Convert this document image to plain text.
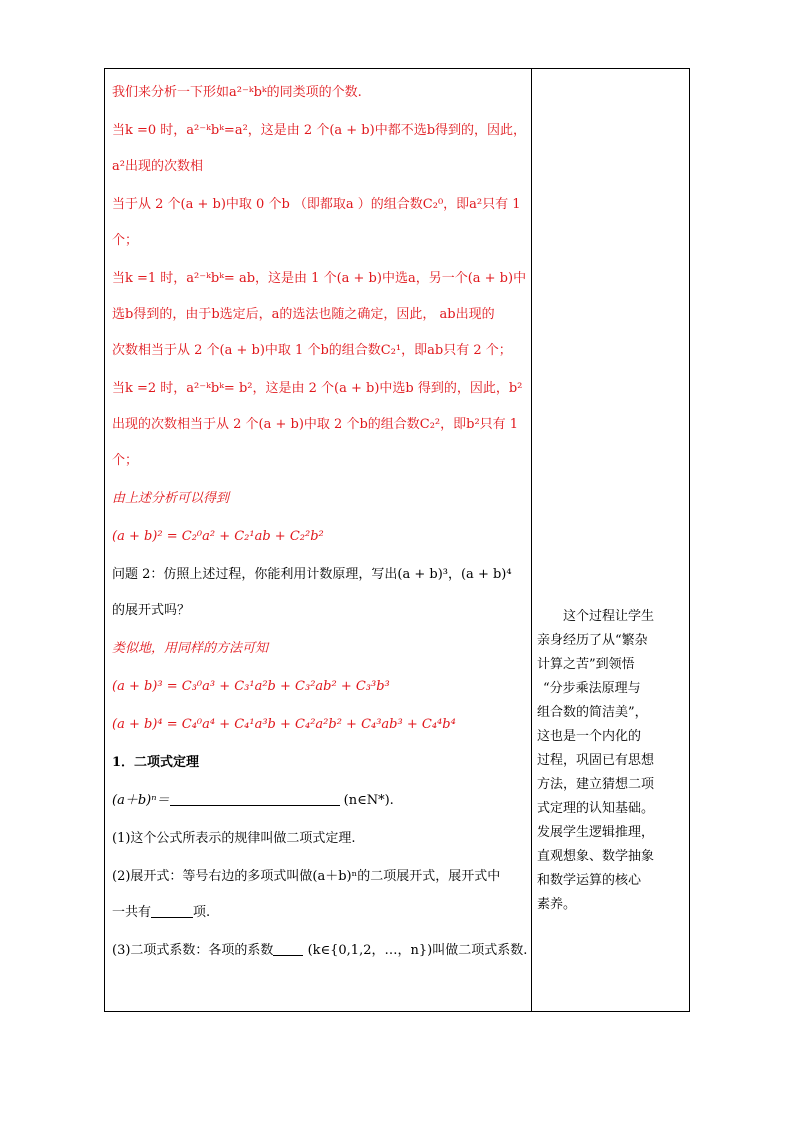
我们来分析一下形如a²⁻ᵏbᵏ的同类项的个数.

当k =0 时，a²⁻ᵏbᵏ=a²，这是由 2 个(a + b)中都不选b得到的，因此，

a²出现的次数相

当于从 2 个(a + b)中取 0 个b （即都取a ）的组合数C₂⁰，即a²只有 1

个；

当k =1 时，a²⁻ᵏbᵏ= ab，这是由 1 个(a + b)中选a，另一个(a + b)中

选b得到的，由于b选定后，a的选法也随之确定，因此， ab出现的

次数相当于从 2 个(a + b)中取 1 个b的组合数C₂¹，即ab只有 2 个；

当k =2 时，a²⁻ᵏbᵏ= b²，这是由 2 个(a + b)中选b 得到的，因此，b²

出现的次数相当于从 2 个(a + b)中取 2 个b的组合数C₂²，即b²只有 1

个；

由上述分析可以得到

(a + b)² = C₂⁰a² + C₂¹ab + C₂²b²

问题 2：仿照上述过程，你能利用计数原理，写出(a + b)³，(a + b)⁴

的展开式吗？

类似地，用同样的方法可知

(a + b)³ = C₃⁰a³ + C₃¹a²b + C₃²ab² + C₃³b³

(a + b)⁴ = C₄⁰a⁴ + C₄¹a³b + C₄²a²b² + C₄³ab³ + C₄⁴b⁴

1．二项式定理

(a＋b)ⁿ＝	(n∈N*).

(1)这个公式所表示的规律叫做二项式定理.

(2)展开式：等号右边的多项式叫做(a＋b)ⁿ的二项展开式，展开式中

一共有	项.

(3)二项式系数：各项的系数	(k∈{0,1,2，…，n})叫做二项式系数.

这个过程让学生
亲身经历了从“繁杂
计算之苦”到领悟
“分步乘法原理与
组合数的简洁美”，
这也是一个内化的
过程，巩固已有思想
方法，建立猜想二项
式定理的认知基础。
发展学生逻辑推理，
直观想象、数学抽象
和数学运算的核心
素养。
